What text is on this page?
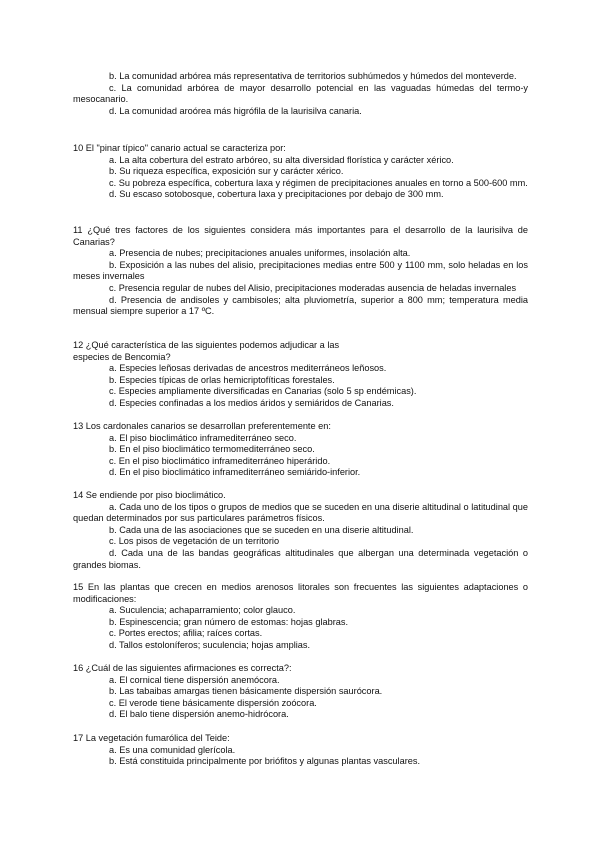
b. La comunidad arbórea más representativa de territorios subhúmedos y húmedos del monteverde.

c. La comunidad arbórea de mayor desarrollo potencial en las vaguadas húmedas del termo-y mesocanario.

d. La comunidad aroórea más higrófila de la laurisilva canaria.

10 El "pinar típico" canario actual se caracteriza por:

a. La alta cobertura del estrato arbóreo, su alta diversidad florística y carácter xérico.

b. Su riqueza específica, exposición sur y carácter xérico.

c. Su pobreza específica, cobertura laxa y régimen de precipitaciones anuales en torno a 500-600 mm.

d. Su escaso sotobosque, cobertura laxa y precipitaciones por debajo de 300 mm.

11 ¿Qué tres factores de los siguientes considera más importantes para el desarrollo de la laurisilva de Canarias?

a. Presencia de nubes; precipitaciones anuales uniformes, insolación alta.

b. Exposición a las nubes del alisio, precipitaciones medias entre 500 y 1100 mm, solo heladas en los meses invernales

c. Presencia regular de nubes del Alisio, precipitaciones moderadas ausencia de heladas invernales

d. Presencia de andisoles y cambisoles; alta pluviometría, superior a 800 mm; temperatura media mensual siempre superior a 17 ºC.

12 ¿Qué característica de las siguientes podemos adjudicar a las

especies de Bencomia?

a. Especies leñosas derivadas de ancestros mediterráneos leñosos.

b. Especies típicas de orlas hemicriptofíticas forestales.

c. Especies ampliamente diversificadas en Canarias (solo 5 sp endémicas).

d. Especies confinadas a los medios áridos y semiáridos de Canarias.

13 Los cardonales canarios se desarrollan preferentemente en:

a. El piso bioclimático inframediterráneo seco.

b. En el piso bioclimático termomediterráneo seco.

c. En el piso bioclimático inframediterráneo hiperárido.

d. En el piso bioclimático inframediterráneo semiárido-inferior.

14 Se endiende por piso bioclimático.

a. Cada uno de los tipos o grupos de medios que se suceden en una diserie altitudinal o latitudinal que quedan determinados por sus particulares parámetros físicos.

b. Cada una de las asociaciones que se suceden en una diserie altitudinal.

c. Los pisos de vegetación de un territorio

d. Cada una de las bandas geográficas altitudinales que albergan una determinada vegetación o grandes biomas.

15 En las plantas que crecen en medios arenosos litorales son frecuentes las siguientes adaptaciones o modificaciones:

a. Suculencia; achaparramiento; color glauco.

b. Espinescencia; gran número de estomas: hojas glabras.

c. Portes erectos; afilia; raíces cortas.

d. Tallos estoloníferos; suculencia; hojas amplias.

16 ¿Cuál de las siguientes afirmaciones es correcta?:

a. El cornical tiene dispersión anemócora.

b. Las tabaibas amargas tienen básicamente dispersión saurócora.

c. El verode tiene básicamente dispersión zoócora.

d. El balo tiene dispersión anemo-hidrócora.

17 La vegetación fumarólica del Teide:

a. Es una comunidad glerícola.

b. Está constituida principalmente por briófitos y algunas plantas vasculares.
